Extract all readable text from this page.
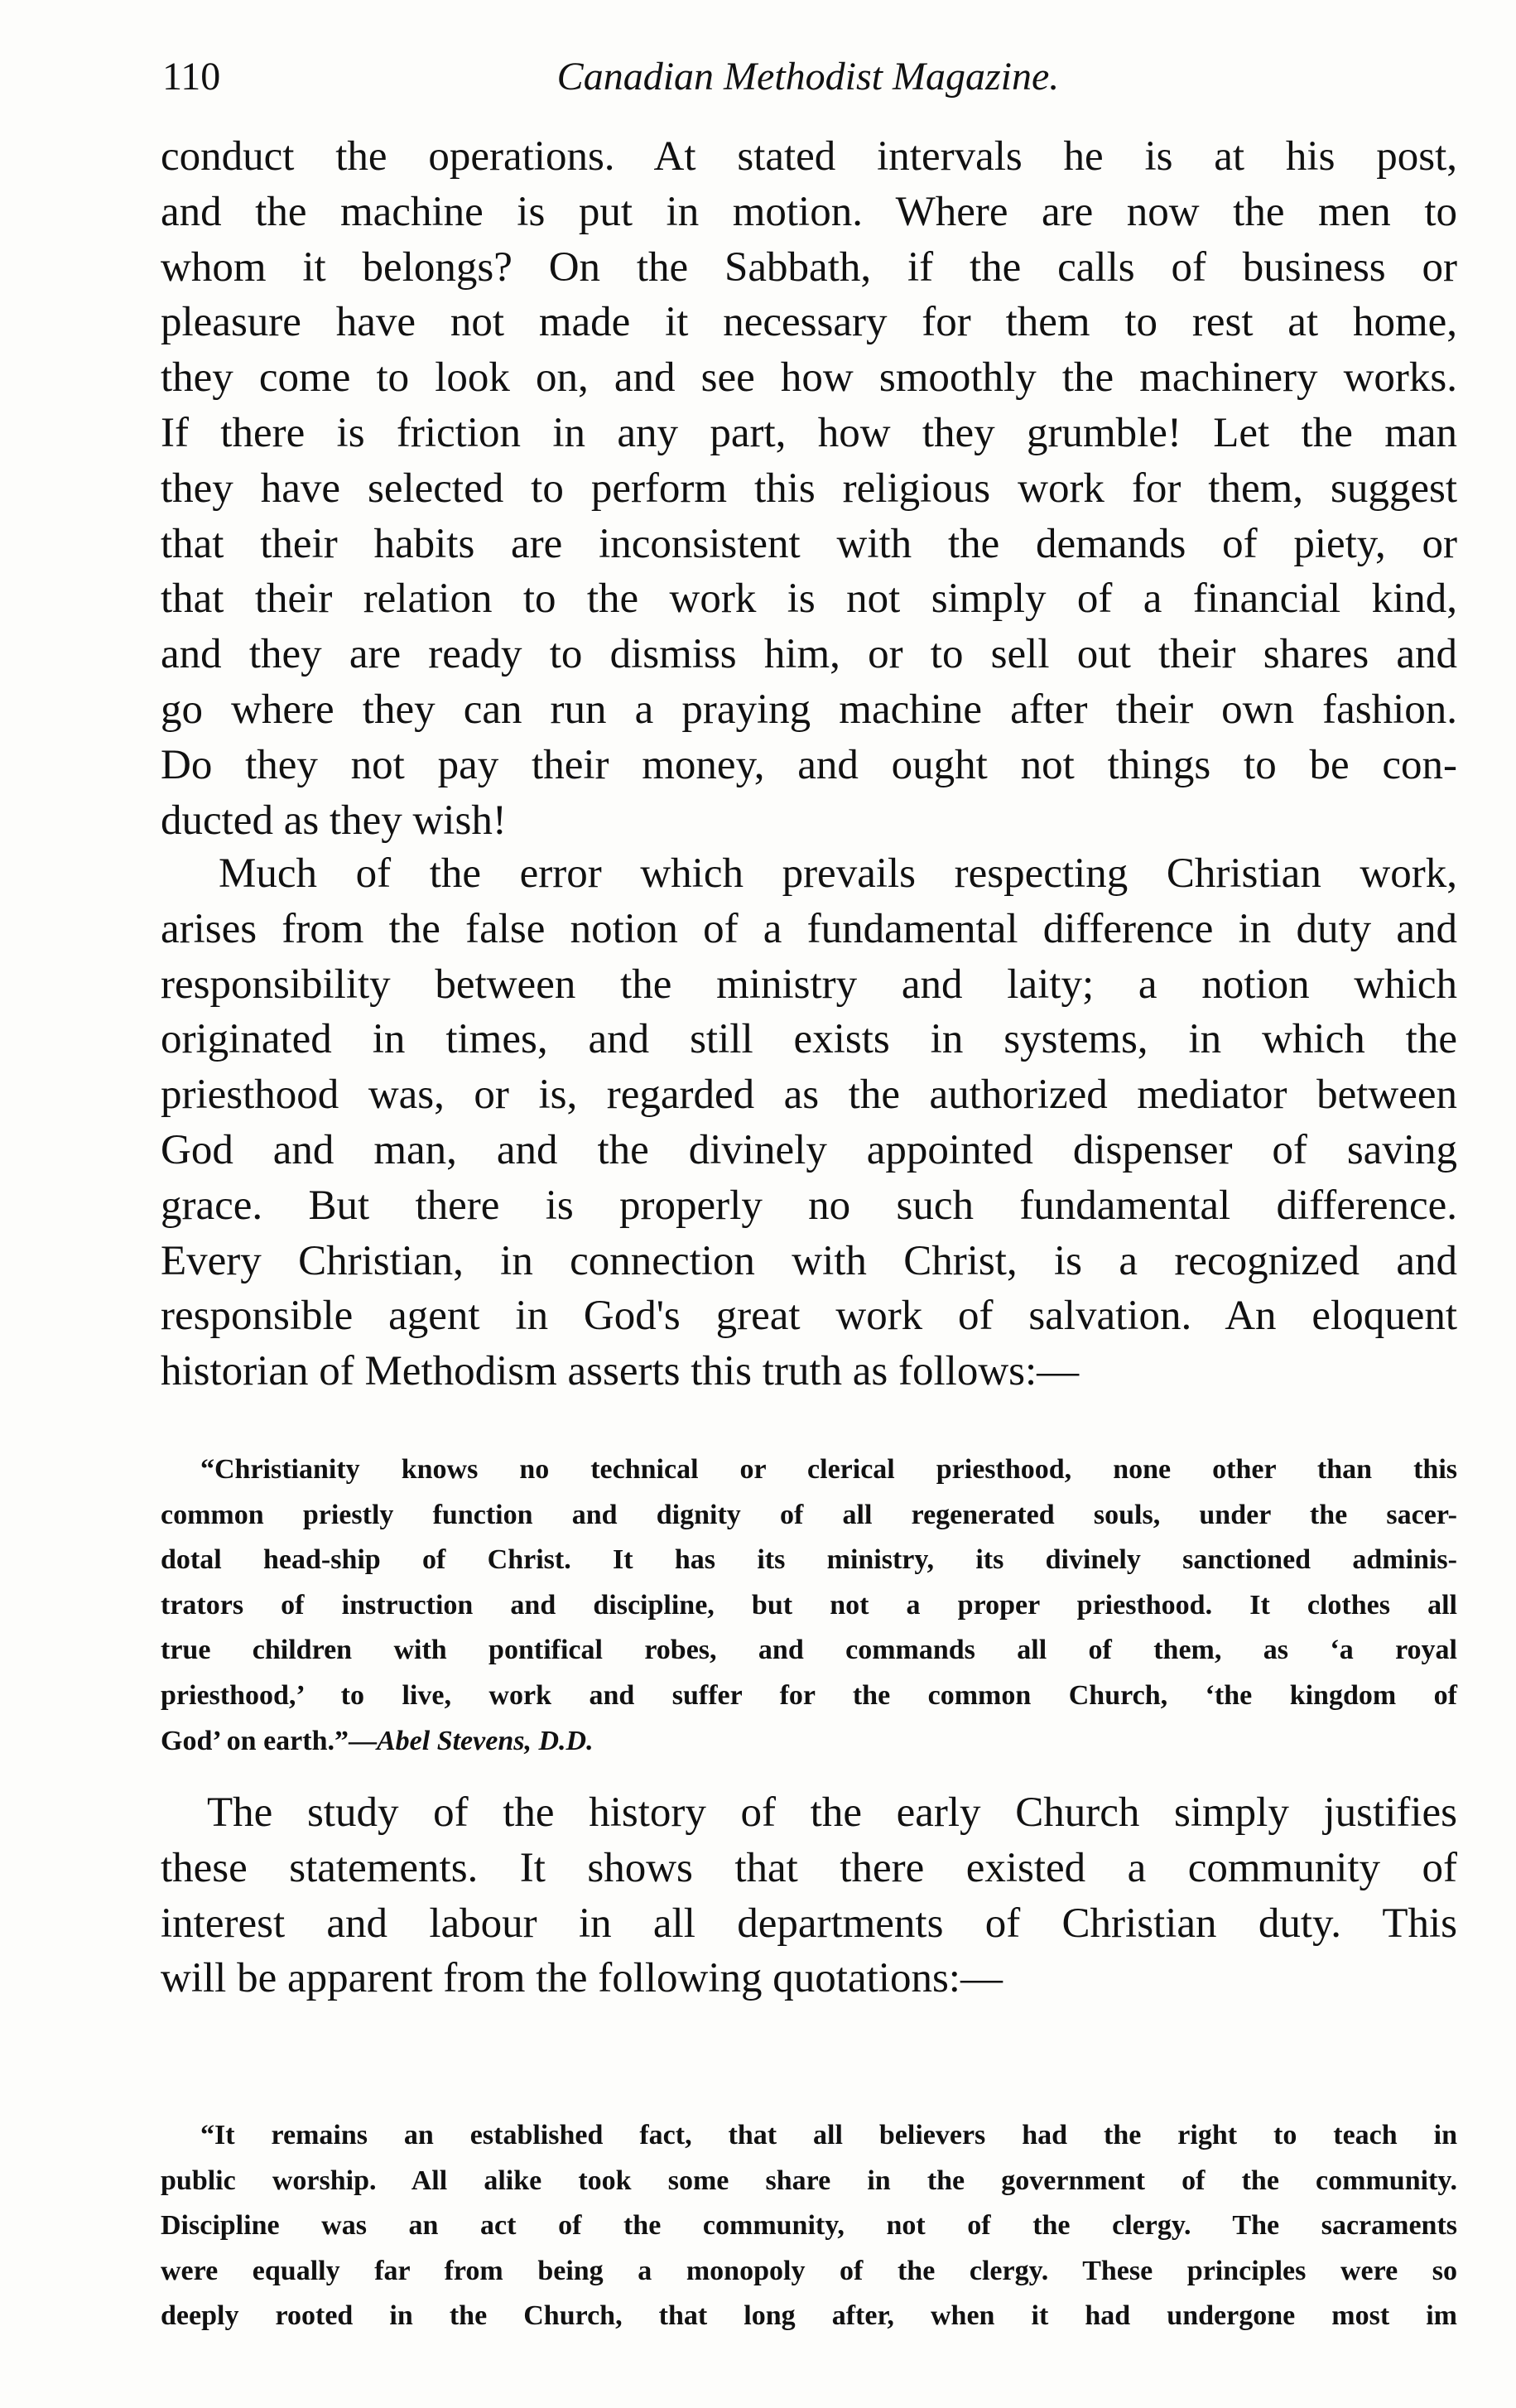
110	Canadian Methodist Magazine.

conduct the operations. At stated intervals he is at his post,
and the machine is put in motion. Where are now the men to
whom it belongs? On the Sabbath, if the calls of business or
pleasure have not made it necessary for them to rest at home,
they come to look on, and see how smoothly the machinery works.
If there is friction in any part, how they grumble! Let the man
they have selected to perform this religious work for them, suggest
that their habits are inconsistent with the demands of piety, or
that their relation to the work is not simply of a financial kind,
and they are ready to dismiss him, or to sell out their shares and
go where they can run a praying machine after their own fashion.
Do they not pay their money, and ought not things to be con-
ducted as they wish!

Much of the error which prevails respecting Christian work,
arises from the false notion of a fundamental difference in duty and
responsibility between the ministry and laity; a notion which
originated in times, and still exists in systems, in which the
priesthood was, or is, regarded as the authorized mediator between
God and man, and the divinely appointed dispenser of saving
grace. But there is properly no such fundamental difference.
Every Christian, in connection with Christ, is a recognized and
responsible agent in God's great work of salvation. An eloquent
historian of Methodism asserts this truth as follows:—

“Christianity knows no technical or clerical priesthood, none other than this
common priestly function and dignity of all regenerated souls, under the sacer-
dotal head-ship of Christ. It has its ministry, its divinely sanctioned adminis-
trators of instruction and discipline, but not a proper priesthood. It clothes all
true children with pontifical robes, and commands all of them, as ‘a royal
priesthood,’ to live, work and suffer for the common Church, ‘the kingdom of
God’ on earth.”—Abel Stevens, D.D.

The study of the history of the early Church simply justifies
these statements. It shows that there existed a community of
interest and labour in all departments of Christian duty. This
will be apparent from the following quotations:—

“It remains an established fact, that all believers had the right to teach in
public worship. All alike took some share in the government of the community.
Discipline was an act of the community, not of the clergy. The sacraments
were equally far from being a monopoly of the clergy. These principles were so
deeply rooted in the Church, that long after, when it had undergone most im
